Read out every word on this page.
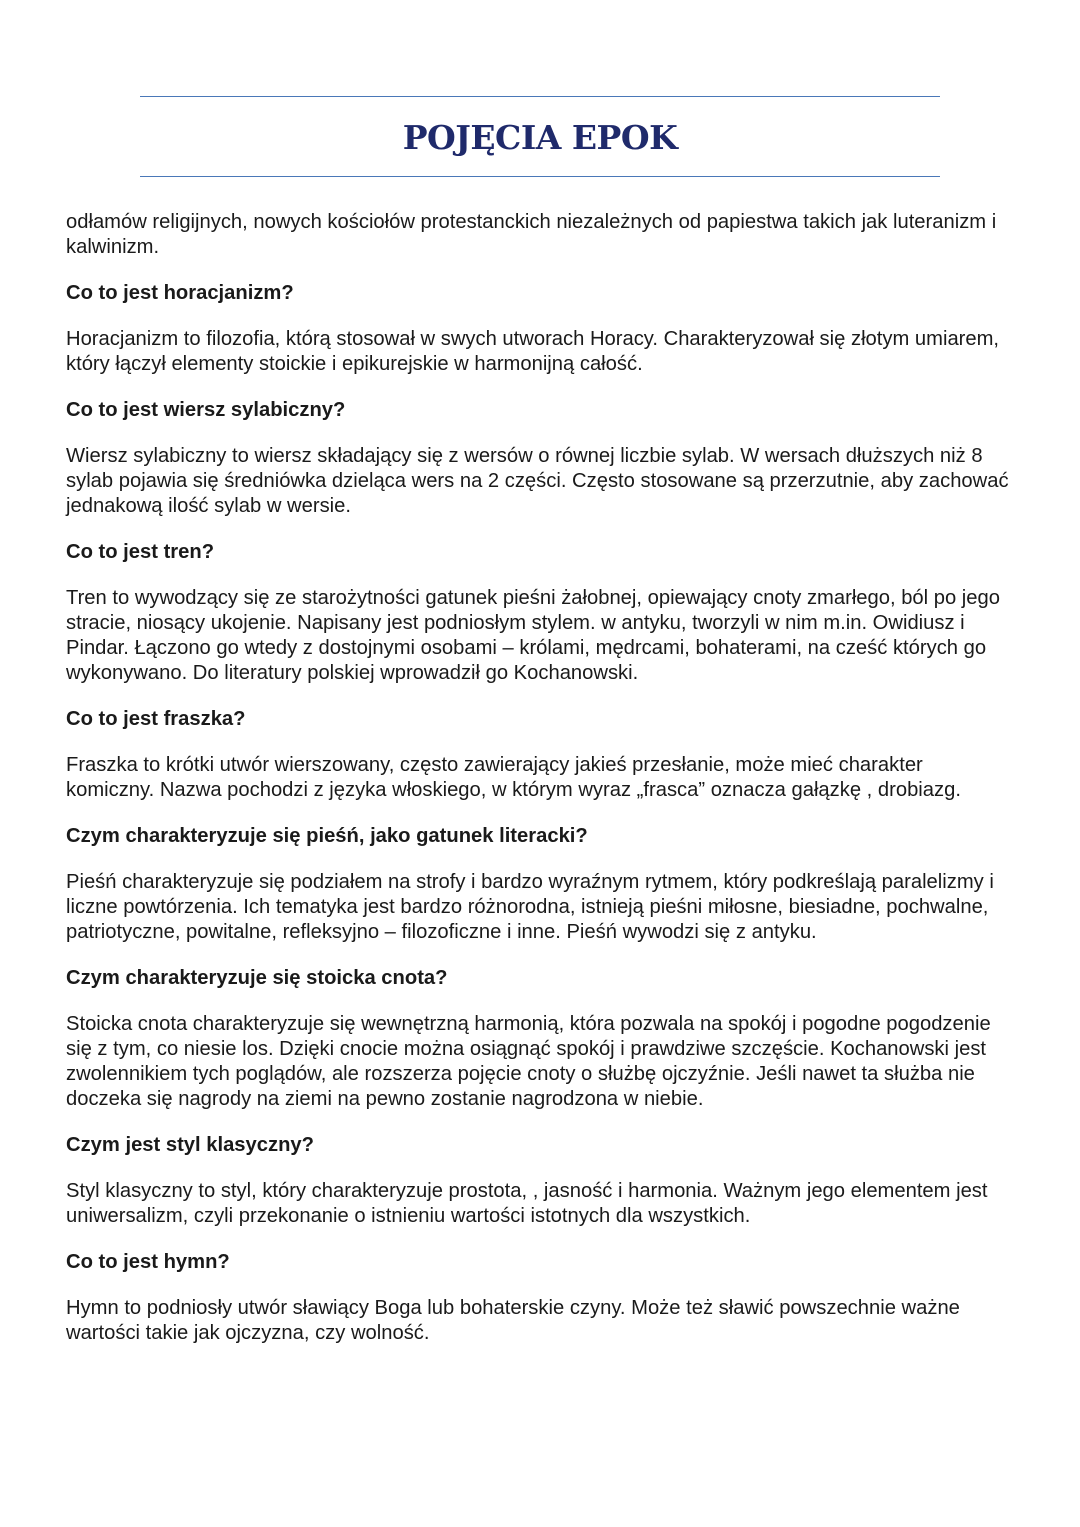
POJĘCIA EPOK

odłamów religijnych, nowych kościołów protestanckich niezależnych od papiestwa takich jak luteranizm i kalwinizm.

Co to jest horacjanizm?

Horacjanizm to filozofia, którą stosował w swych utworach Horacy. Charakteryzował się złotym umiarem, który łączył elementy stoickie i epikurejskie w harmonijną całość.

Co to jest wiersz sylabiczny?

Wiersz sylabiczny to wiersz składający się z wersów o równej liczbie sylab. W wersach dłuższych niż 8 sylab pojawia się średniówka dzieląca wers na 2 części. Często stosowane są przerzutnie, aby zachować jednakową ilość sylab w wersie.

Co to jest tren?

Tren to wywodzący się ze starożytności gatunek pieśni żałobnej, opiewający cnoty zmarłego, ból po jego stracie, niosący ukojenie. Napisany jest podniosłym stylem. w antyku, tworzyli w nim m.in. Owidiusz i Pindar. Łączono go wtedy z dostojnymi osobami – królami, mędrcami, bohaterami, na cześć których go wykonywano. Do literatury polskiej wprowadził go Kochanowski.

Co to jest fraszka?

Fraszka to krótki utwór wierszowany, często zawierający jakieś przesłanie, może mieć charakter komiczny. Nazwa pochodzi z języka włoskiego, w którym wyraz „frasca” oznacza gałązkę , drobiazg.

Czym charakteryzuje się pieśń, jako gatunek literacki?

Pieśń charakteryzuje się podziałem na strofy i bardzo wyraźnym rytmem, który podkreślają paralelizmy i liczne powtórzenia. Ich tematyka jest bardzo różnorodna, istnieją pieśni miłosne, biesiadne, pochwalne, patriotyczne, powitalne, refleksyjno – filozoficzne i inne. Pieśń wywodzi się z antyku.

Czym charakteryzuje się stoicka cnota?

Stoicka cnota charakteryzuje się wewnętrzną harmonią, która pozwala na spokój i pogodne pogodzenie się z tym, co niesie los. Dzięki cnocie można osiągnąć spokój i prawdziwe szczęście. Kochanowski jest zwolennikiem tych poglądów, ale rozszerza pojęcie cnoty o służbę ojczyźnie. Jeśli nawet ta służba nie doczeka się nagrody na ziemi na pewno zostanie nagrodzona w niebie.

Czym jest styl klasyczny?

Styl klasyczny to styl, który charakteryzuje prostota, , jasność i harmonia. Ważnym jego elementem jest uniwersalizm, czyli przekonanie o istnieniu wartości istotnych dla wszystkich.

Co to jest hymn?

Hymn to podniosły utwór sławiący Boga lub bohaterskie czyny. Może też sławić powszechnie ważne wartości takie jak ojczyzna, czy wolność.
